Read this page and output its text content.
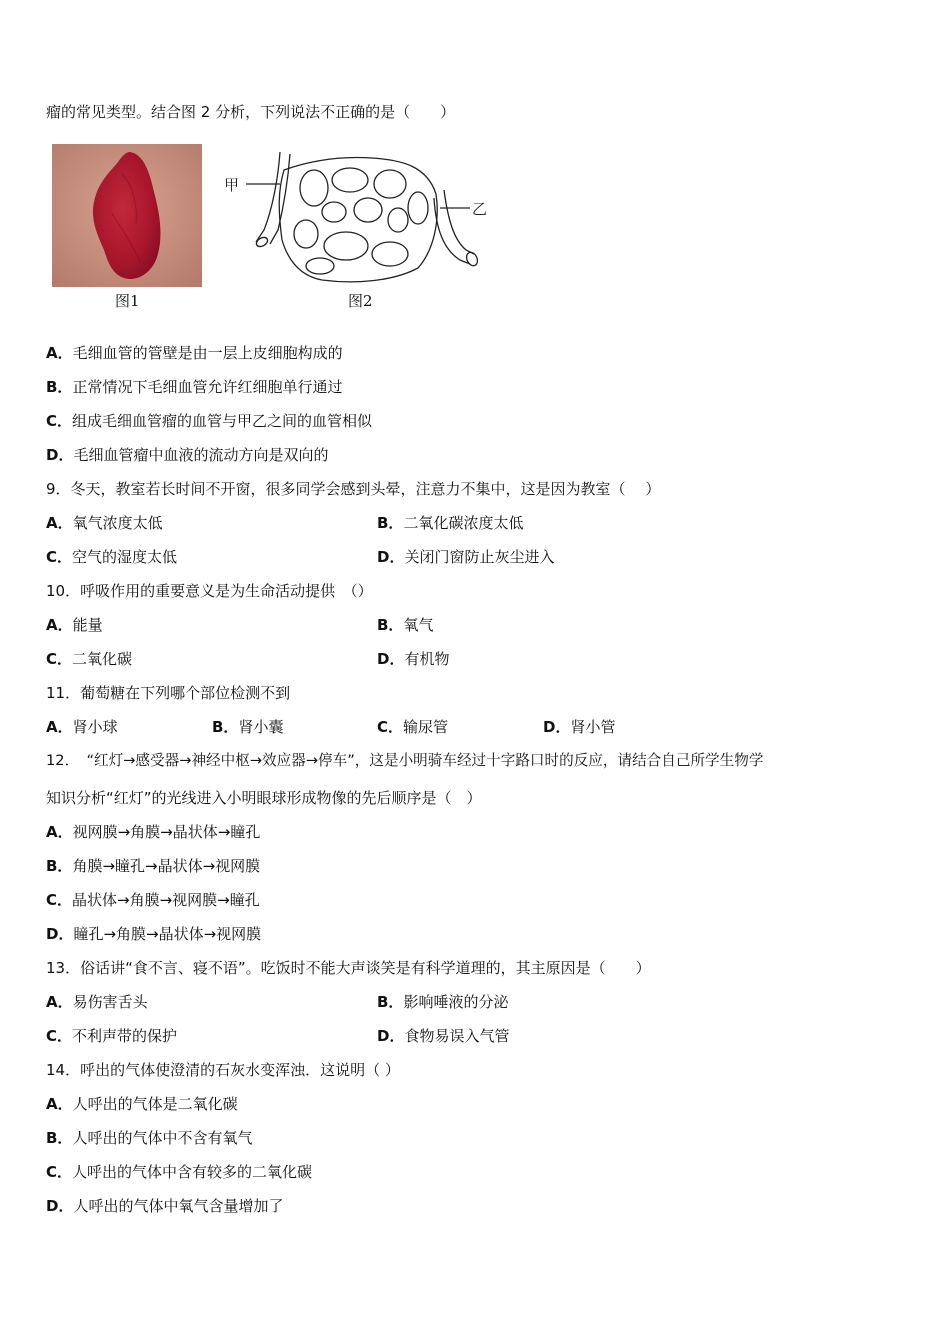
瘤的常见类型。结合图 2 分析，下列说法不正确的是（　　）
图1
甲
乙
图2
A．毛细血管的管壁是由一层上皮细胞构成的
B．正常情况下毛细血管允许红细胞单行通过
C．组成毛细血管瘤的血管与甲乙之间的血管相似
D．毛细血管瘤中血液的流动方向是双向的
9．冬天，教室若长时间不开窗，很多同学会感到头晕，注意力不集中，这是因为教室（　 ）
A．氧气浓度太低	B．二氧化碳浓度太低
C．空气的湿度太低	D．关闭门窗防止灰尘进入
10．呼吸作用的重要意义是为生命活动提供　（）
A．能量	B．氧气
C．二氧化碳	D．有机物
11．葡萄糖在下列哪个部位检测不到
A．肾小球	B．肾小囊	C．输尿管	D．肾小管
12．　“红灯→感受器→神经中枢→效应器→停车”，这是小明骑车经过十字路口时的反应，请结合自己所学生物学
知识分析“红灯”的光线进入小明眼球形成物像的先后顺序是（　）
A．视网膜→角膜→晶状体→瞳孔
B．角膜→瞳孔→晶状体→视网膜
C．晶状体→角膜→视网膜→瞳孔
D．瞳孔→角膜→晶状体→视网膜
13．俗话讲“食不言、寝不语”。吃饭时不能大声谈笑是有科学道理的，其主原因是（　　）
A．易伤害舌头	B．影响唾液的分泌
C．不利声带的保护	D．食物易误入气管
14．呼出的气体使澄清的石灰水变浑浊．这说明（ ）
A．人呼出的气体是二氧化碳
B．人呼出的气体中不含有氧气
C．人呼出的气体中含有较多的二氧化碳
D．人呼出的气体中氧气含量增加了
